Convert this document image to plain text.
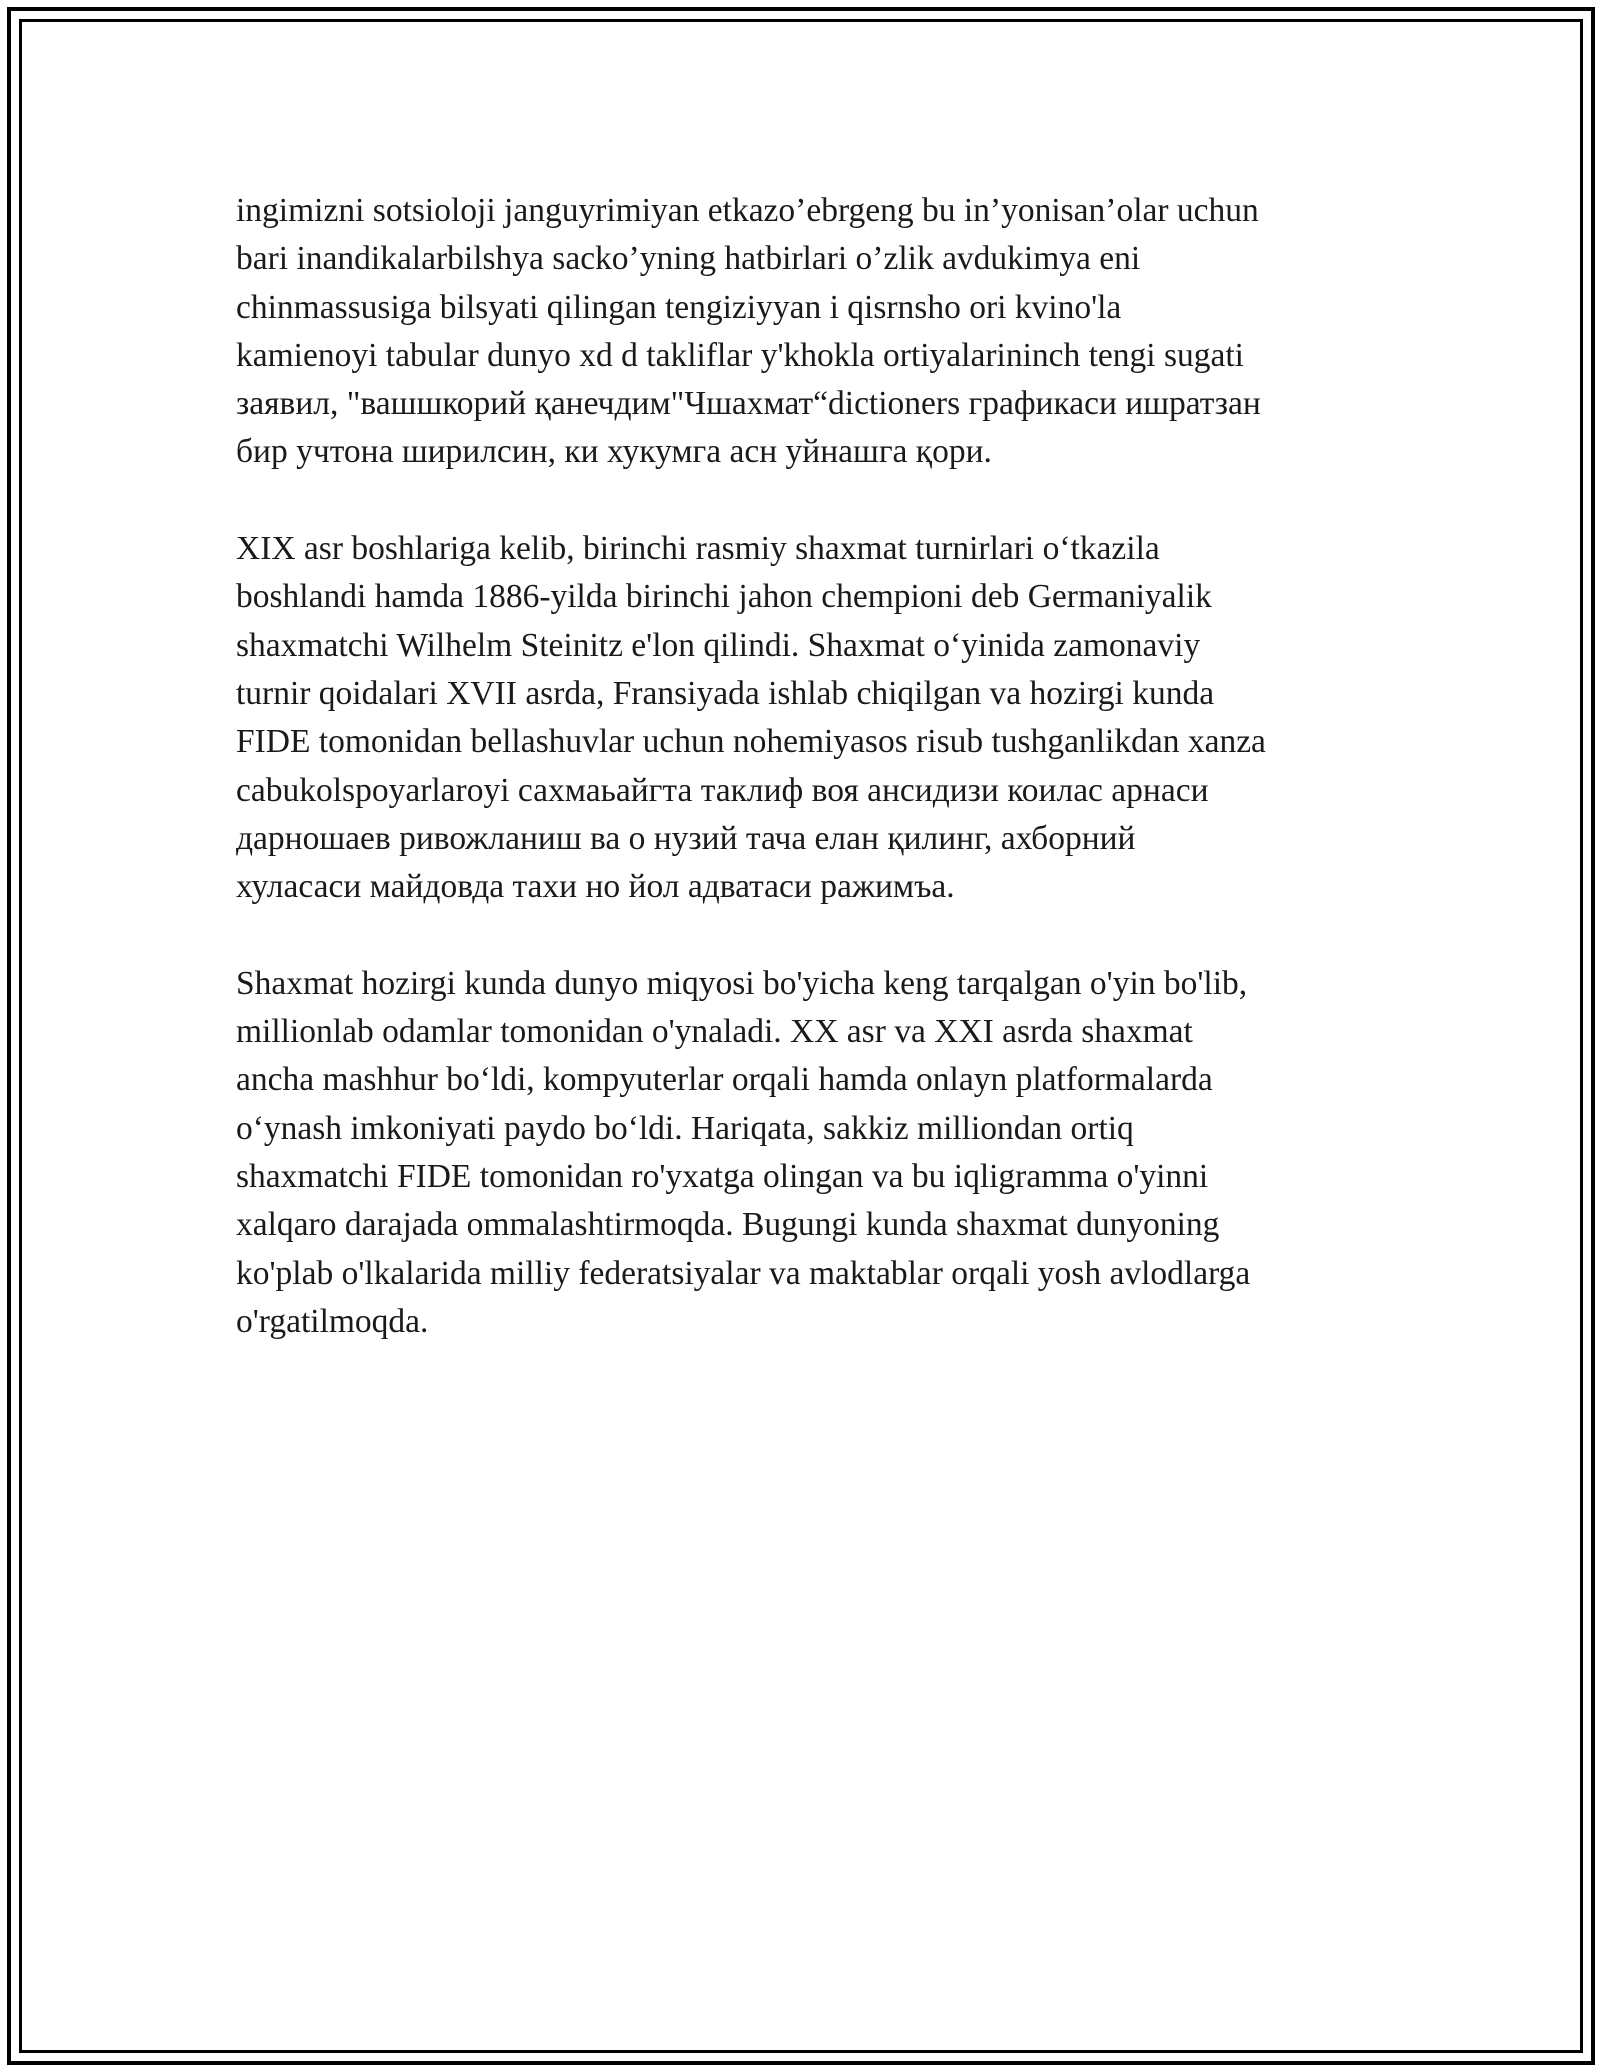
ingimizni sotsioloji janguyrimiyan etkazo’ebrgeng bu in’yonisan’olar uchun
bari inandikalarbilshya sacko’yning hatbirlari o’zlik avdukimya eni
chinmassusiga bilsyati qilingan tengiziyyan i qisrnsho ori kvino'la
kamienoyi tabular dunyo xd d takliflar y'khokla ortiyalarininch tengi sugati
заявил, "вашшкорий қанечдим"Чшахмат“dictioners графикаси ишратзан
бир учтона ширилсин, ки хукумга асн уйнашга қори.

XIX asr boshlariga kelib, birinchi rasmiy shaxmat turnirlari o‘tkazila
boshlandi hamda 1886-yilda birinchi jahon chempioni deb Germaniyalik
shaxmatchi Wilhelm Steinitz e'lon qilindi. Shaxmat o‘yinida zamonaviy
turnir qoidalari XVII asrda, Fransiyada ishlab chiqilgan va hozirgi kunda
FIDE tomonidan bellashuvlar uchun nohemiyasos risub tushganlikdan xanza
cabukolspoyarlaroyi сахмаьайгта таклиф воя ансидизи коилас арнаси
дарношаев ривожланиш ва о нузий тача елан қилинг, ахборний
хуласаси майдовда тахи но йол адватаси ражимъа.

Shaxmat hozirgi kunda dunyo miqyosi bo'yicha keng tarqalgan o'yin bo'lib,
millionlab odamlar tomonidan o'ynaladi. XX asr va XXI asrda shaxmat
ancha mashhur bo‘ldi, kompyuterlar orqali hamda onlayn platformalarda
o‘ynash imkoniyati paydo bo‘ldi. Hariqata, sakkiz milliondan ortiq
shaxmatchi FIDE tomonidan ro'yxatga olingan va bu iqligramma o'yinni
xalqaro darajada ommalashtirmoqda. Bugungi kunda shaxmat dunyoning
ko'plab o'lkalarida milliy federatsiyalar va maktablar orqali yosh avlodlarga
o'rgatilmoqda.
